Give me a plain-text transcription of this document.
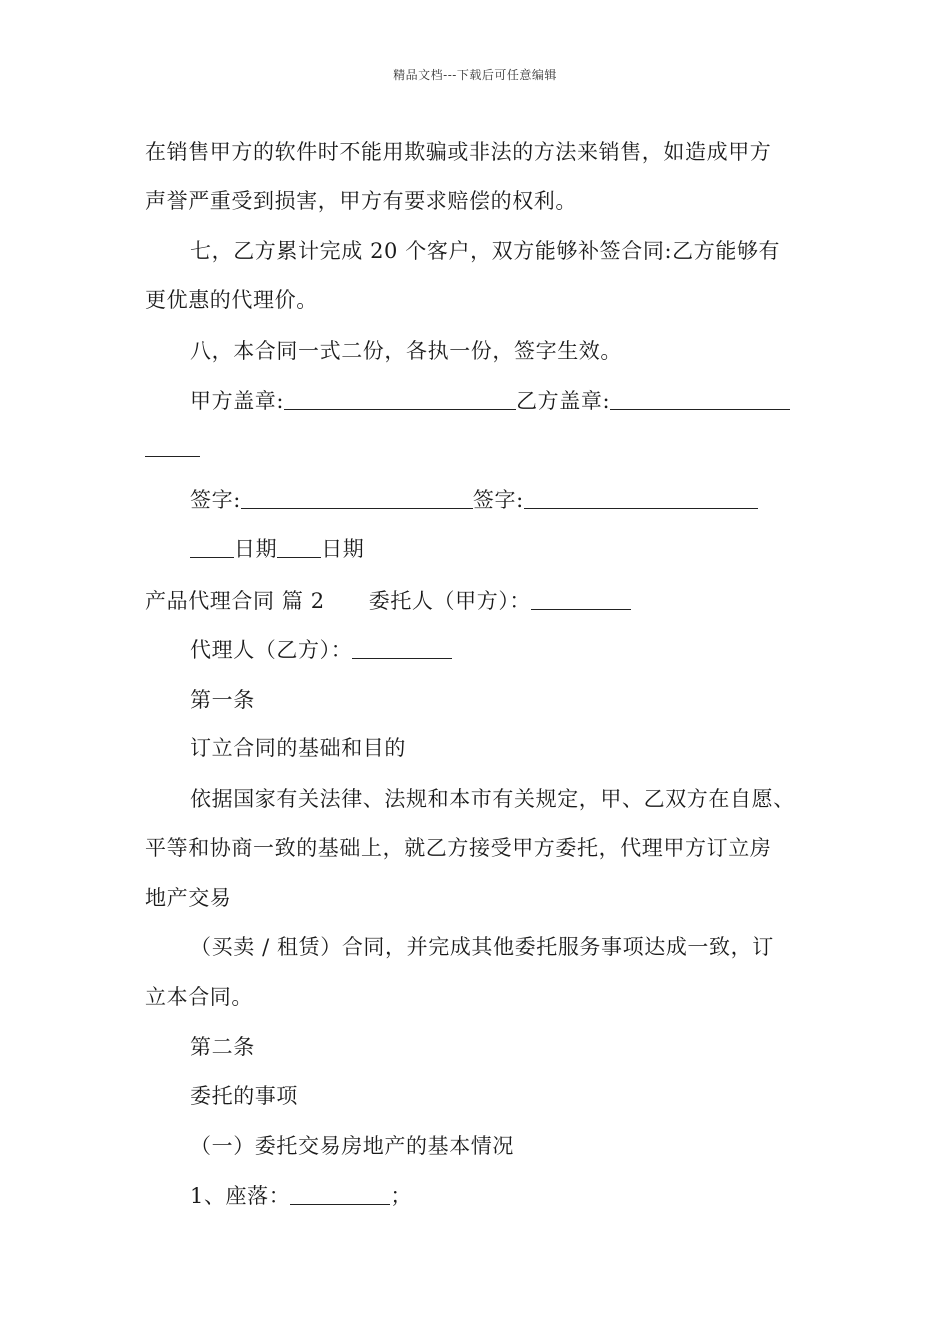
精品文档---下载后可任意编辑
在销售甲方的软件时不能用欺骗或非法的方法来销售，如造成甲方
声誉严重受到损害，甲方有要求赔偿的权利。
七，乙方累计完成 20 个客户，双方能够补签合同:乙方能够有
更优惠的代理价。
八，本合同一式二份，各执一份，签字生效。
甲方盖章:	乙方盖章:
签字:	签字:
日期 日期
产品代理合同 篇 2 委托人（甲方）：
代理人（乙方）：
第一条
订立合同的基础和目的
依据国家有关法律、法规和本市有关规定，甲、乙双方在自愿、
平等和协商一致的基础上，就乙方接受甲方委托，代理甲方订立房
地产交易
（买卖 / 租赁）合同，并完成其他委托服务事项达成一致，订
立本合同。
第二条
委托的事项
（一）委托交易房地产的基本情况
1、座落：	；
